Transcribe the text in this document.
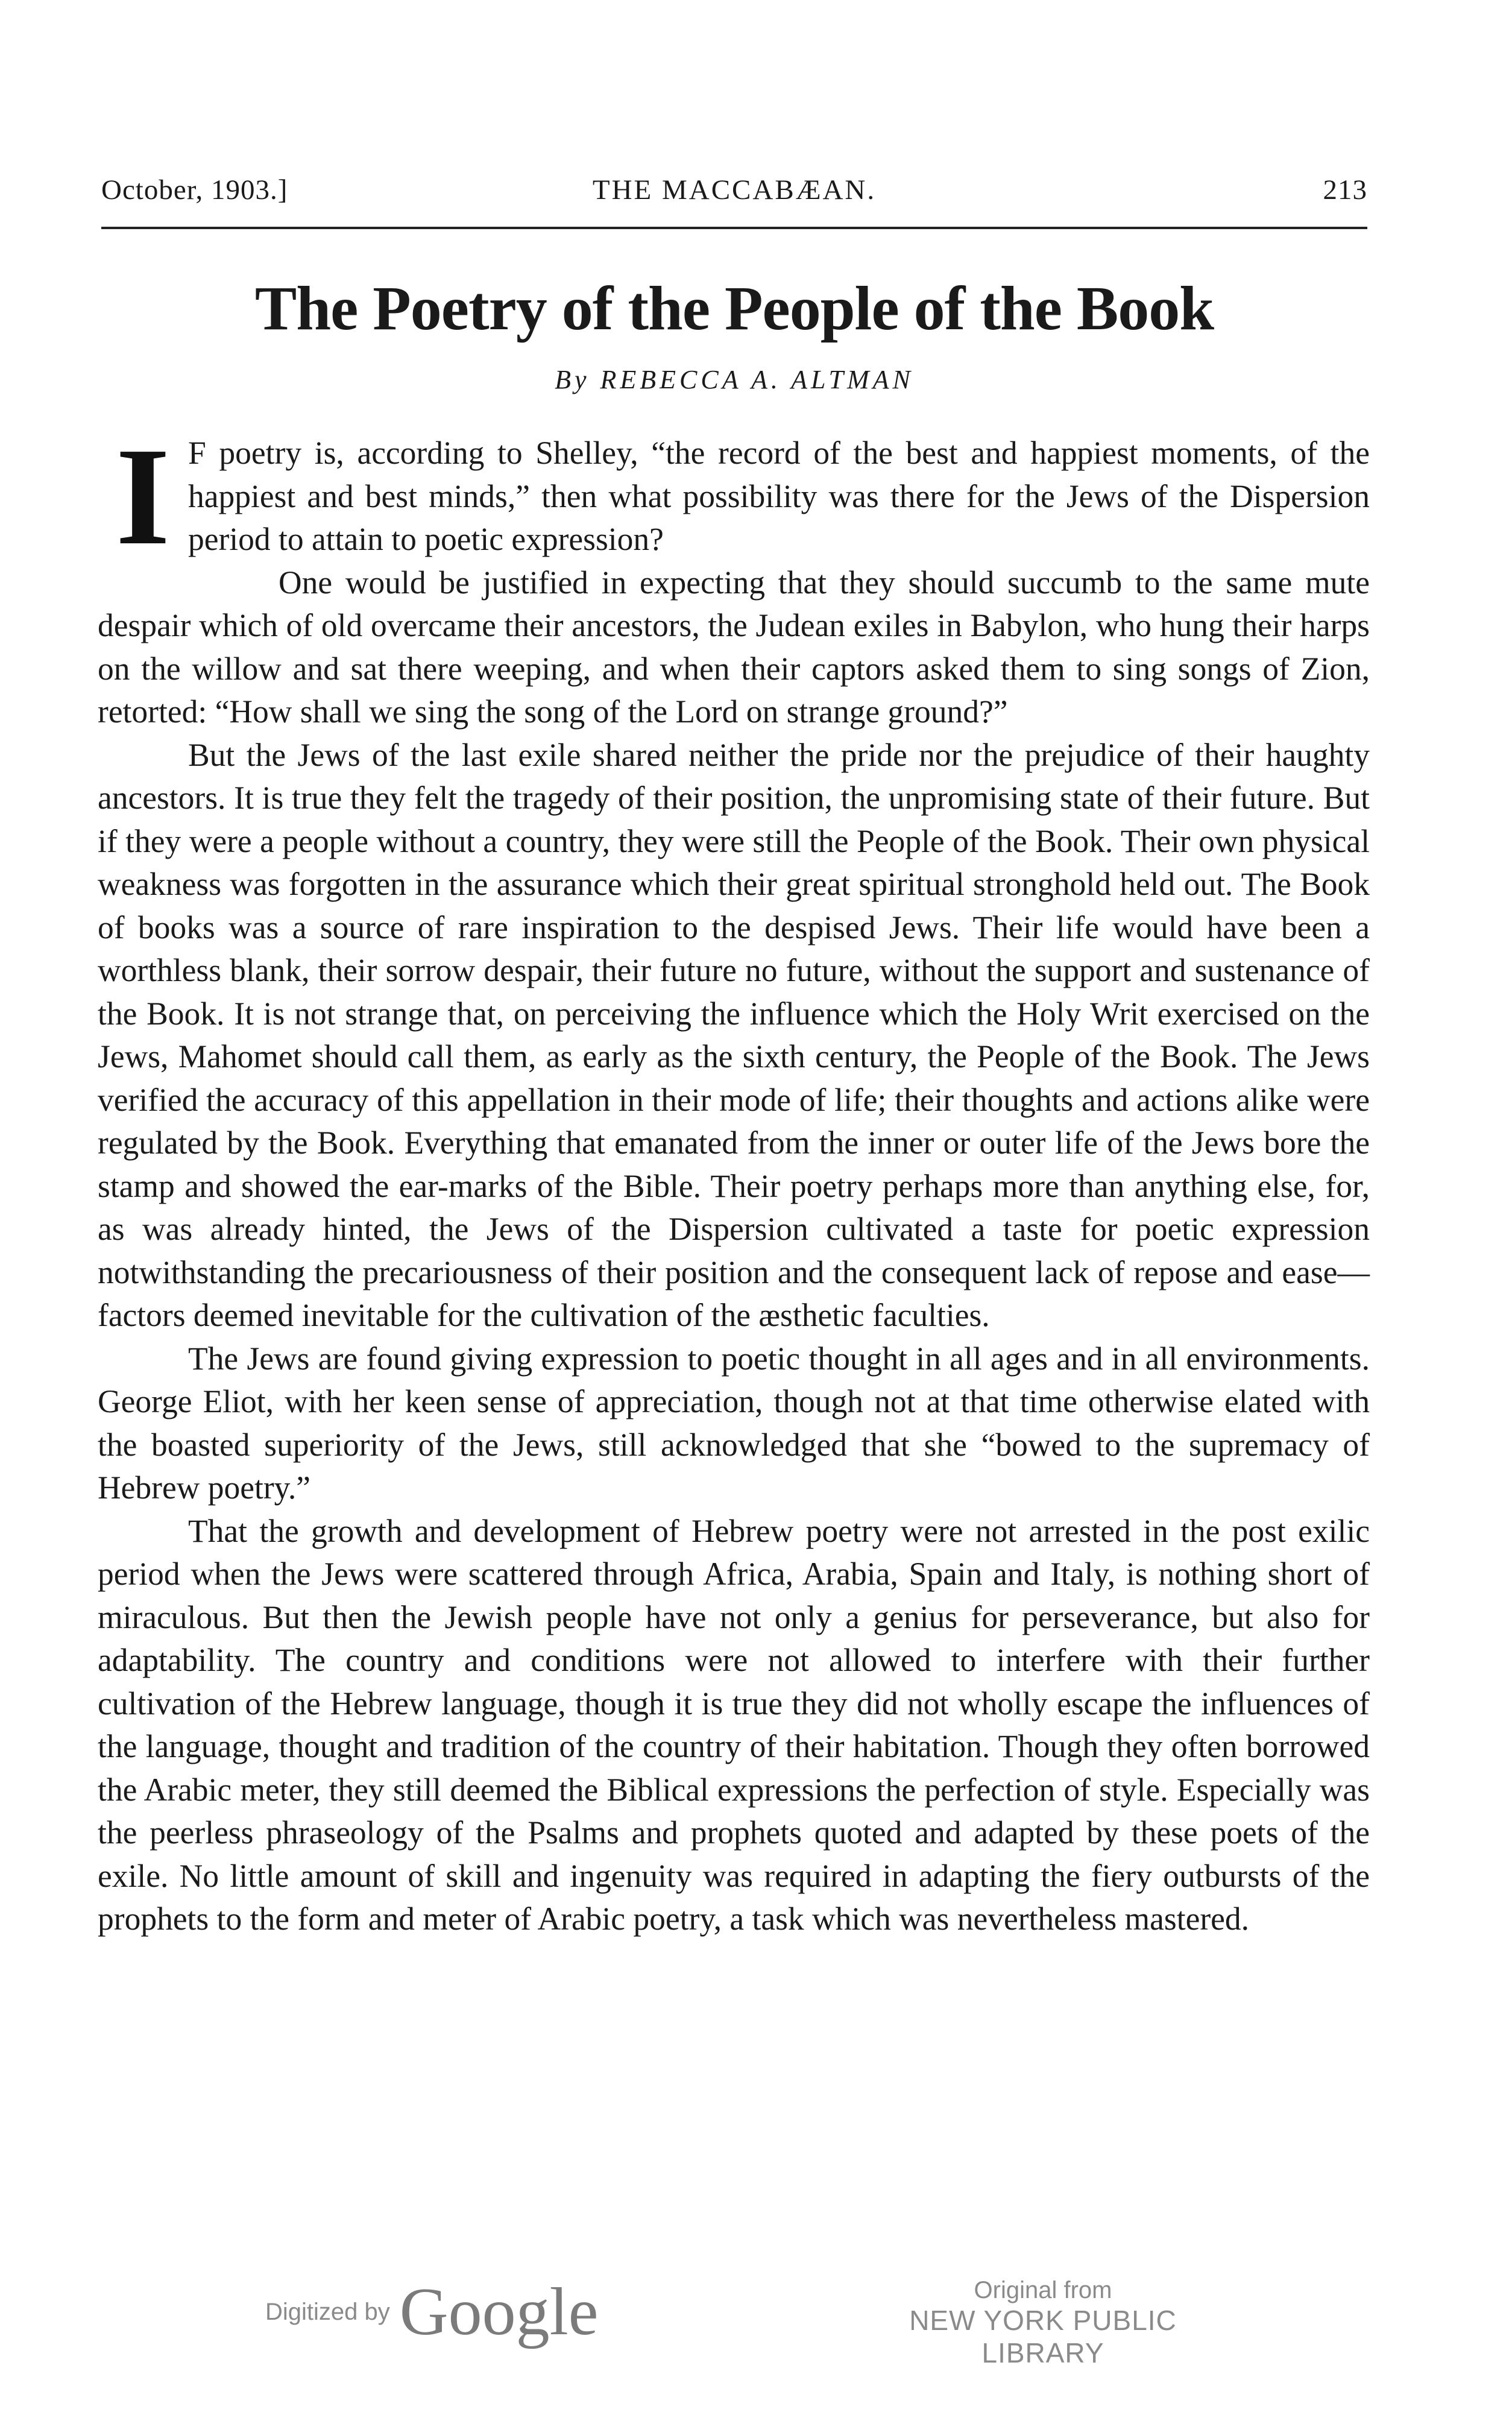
October, 1903.]	THE MACCABÆAN.	213
The Poetry of the People of the Book
By REBECCA A. ALTMAN

I F poetry is, according to Shelley, “the record of the best and happiest moments, of the happiest and best minds,” then what possibility was there for the Jews of the Dispersion period to attain to poetic expression?

One would be justified in expecting that they should succumb to the same mute despair which of old overcame their ancestors, the Judean exiles in Babylon, who hung their harps on the willow and sat there weeping, and when their captors asked them to sing songs of Zion, retorted: “How shall we sing the song of the Lord on strange ground?”

But the Jews of the last exile shared neither the pride nor the prejudice of their haughty ancestors. It is true they felt the tragedy of their position, the unpromising state of their future. But if they were a people without a country, they were still the People of the Book. Their own physical weakness was forgotten in the assurance which their great spiritual stronghold held out. The Book of books was a source of rare inspiration to the despised Jews. Their life would have been a worthless blank, their sorrow despair, their future no future, without the support and sustenance of the Book. It is not strange that, on perceiving the influence which the Holy Writ exercised on the Jews, Mahomet should call them, as early as the sixth century, the People of the Book. The Jews verified the accuracy of this appellation in their mode of life; their thoughts and actions alike were regulated by the Book. Everything that emanated from the inner or outer life of the Jews bore the stamp and showed the ear-marks of the Bible. Their poetry perhaps more than anything else, for, as was already hinted, the Jews of the Dispersion cultivated a taste for poetic expression notwithstanding the precariousness of their position and the consequent lack of repose and ease—factors deemed inevitable for the cultivation of the æsthetic faculties.

The Jews are found giving expression to poetic thought in all ages and in all environments. George Eliot, with her keen sense of appreciation, though not at that time otherwise elated with the boasted superiority of the Jews, still acknowledged that she “bowed to the supremacy of Hebrew poetry.”

That the growth and development of Hebrew poetry were not arrested in the post exilic period when the Jews were scattered through Africa, Arabia, Spain and Italy, is nothing short of miraculous. But then the Jewish people have not only a genius for perseverance, but also for adaptability. The country and conditions were not allowed to interfere with their further cultivation of the Hebrew language, though it is true they did not wholly escape the influences of the language, thought and tradition of the country of their habitation. Though they often borrowed the Arabic meter, they still deemed the Biblical expressions the perfection of style. Especially was the peerless phraseology of the Psalms and prophets quoted and adapted by these poets of the exile. No little amount of skill and ingenuity was required in adapting the fiery outbursts of the prophets to the form and meter of Arabic poetry, a task which was nevertheless mastered.

Digitized by Google	Original from
NEW YORK PUBLIC LIBRARY
